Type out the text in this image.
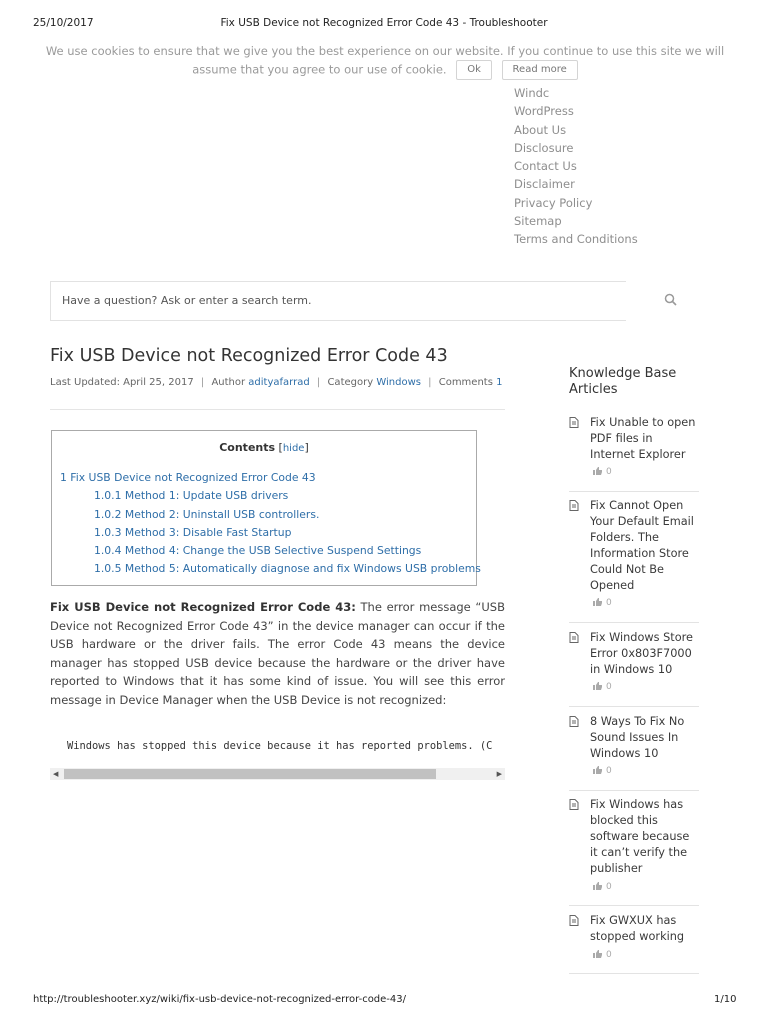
25/10/2017	Fix USB Device not Recognized Error Code 43 - Troubleshooter
We use cookies to ensure that we give you the best experience on our website. If you continue to use this site we will assume that you agree to our use of cookie. Ok	Read more
Windc
WordPress
About Us
Disclosure
Contact Us
Disclaimer
Privacy Policy
Sitemap
Terms and Conditions
Have a question? Ask or enter a search term.
Fix USB Device not Recognized Error Code 43
Last Updated: April 25, 2017 | Author adityafarrad | Category Windows | Comments 1
Contents [hide]
1 Fix USB Device not Recognized Error Code 43
1.0.1 Method 1: Update USB drivers
1.0.2 Method 2: Uninstall USB controllers.
1.0.3 Method 3: Disable Fast Startup
1.0.4 Method 4: Change the USB Selective Suspend Settings
1.0.5 Method 5: Automatically diagnose and fix Windows USB problems

Fix USB Device not Recognized Error Code 43: The error message “USB Device not Recognized Error Code 43” in the device manager can occur if the USB hardware or the driver fails. The error Code 43 means the device manager has stopped USB device because the hardware or the driver have reported to Windows that it has some kind of issue. You will see this error message in Device Manager when the USB Device is not recognized:

Windows has stopped this device because it has reported problems. (C
◀	▶
Knowledge Base Articles
Fix Unable to open PDF files in Internet Explorer
0
Fix Cannot Open Your Default Email Folders. The Information Store Could Not Be Opened
0
Fix Windows Store Error 0x803F7000 in Windows 10
0
8 Ways To Fix No Sound Issues In Windows 10
0
Fix Windows has blocked this software because it can’t verify the publisher
0
Fix GWXUX has stopped working
0
http://troubleshooter.xyz/wiki/fix-usb-device-not-recognized-error-code-43/	1/10
